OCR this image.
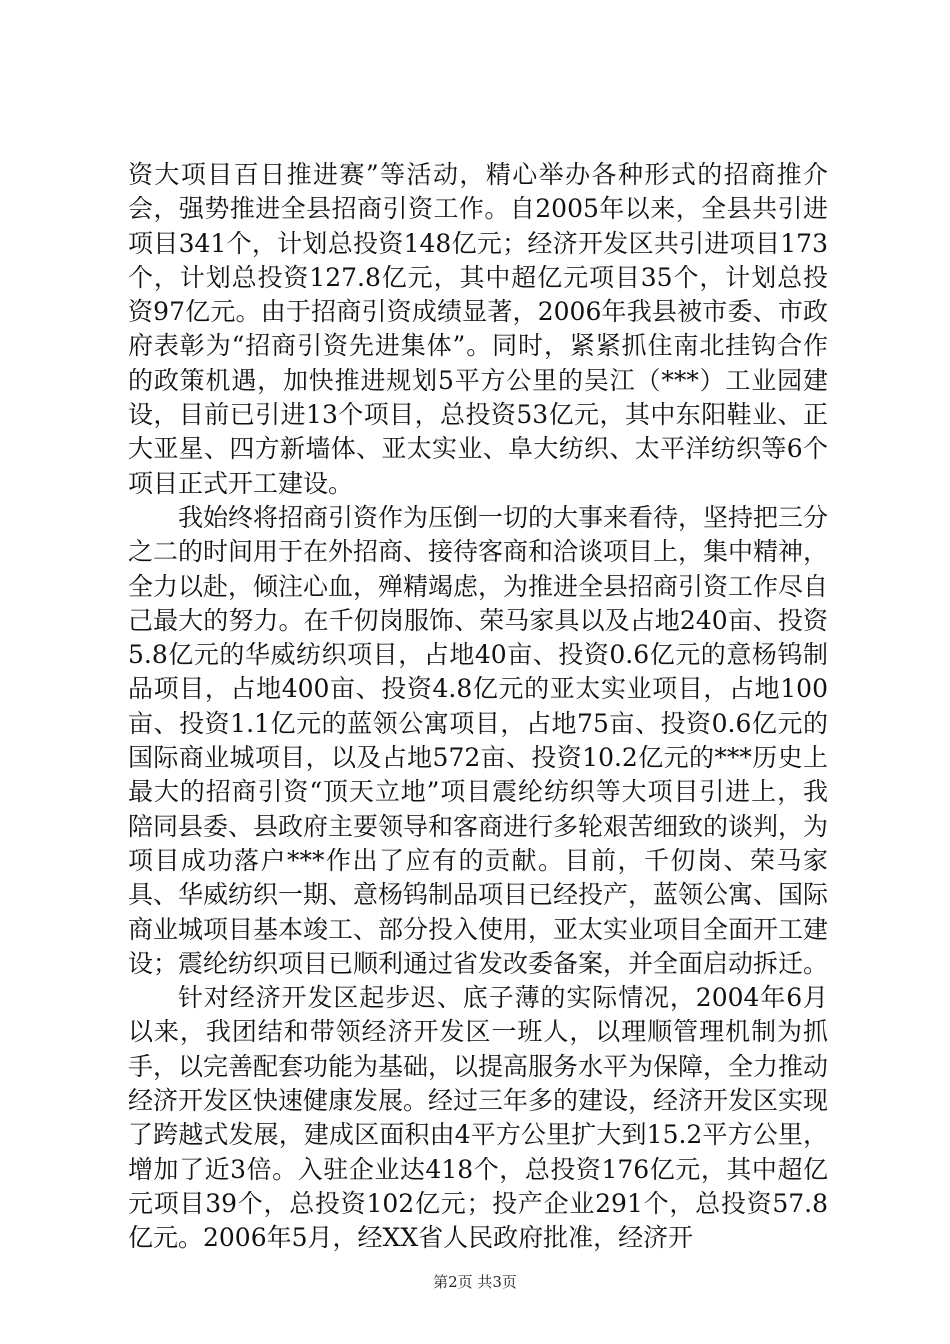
资大项目百日推进赛”等活动，精心举办各种形式的招商推介会，强势推进全县招商引资工作。自2005年以来，全县共引进项目341个，计划总投资148亿元；经济开发区共引进项目173个，计划总投资127.8亿元，其中超亿元项目35个，计划总投资97亿元。由于招商引资成绩显著，2006年我县被市委、市政府表彰为“招商引资先进集体”。同时，紧紧抓住南北挂钩合作的政策机遇，加快推进规划5平方公里的吴江（***）工业园建设，目前已引进13个项目，总投资53亿元，其中东阳鞋业、正大亚星、四方新墙体、亚太实业、阜大纺织、太平洋纺织等6个项目正式开工建设。

我始终将招商引资作为压倒一切的大事来看待，坚持把三分之二的时间用于在外招商、接待客商和洽谈项目上，集中精神，全力以赴，倾注心血，殚精竭虑，为推进全县招商引资工作尽自己最大的努力。在千仞岗服饰、荣马家具以及占地240亩、投资5.8亿元的华威纺织项目，占地40亩、投资0.6亿元的意杨钨制品项目，占地400亩、投资4.8亿元的亚太实业项目，占地100亩、投资1.1亿元的蓝领公寓项目，占地75亩、投资0.6亿元的国际商业城项目，以及占地572亩、投资10.2亿元的***历史上最大的招商引资“顶天立地”项目震纶纺织等大项目引进上，我陪同县委、县政府主要领导和客商进行多轮艰苦细致的谈判，为项目成功落户***作出了应有的贡献。目前，千仞岗、荣马家具、华威纺织一期、意杨钨制品项目已经投产，蓝领公寓、国际商业城项目基本竣工、部分投入使用，亚太实业项目全面开工建设；震纶纺织项目已顺利通过省发改委备案，并全面启动拆迁。

针对经济开发区起步迟、底子薄的实际情况，2004年6月以来，我团结和带领经济开发区一班人，以理顺管理机制为抓手，以完善配套功能为基础，以提高服务水平为保障，全力推动经济开发区快速健康发展。经过三年多的建设，经济开发区实现了跨越式发展，建成区面积由4平方公里扩大到15.2平方公里，增加了近3倍。入驻企业达418个，总投资176亿元，其中超亿元项目39个，总投资102亿元；投产企业291个，总投资57.8亿元。2006年5月，经XX省人民政府批准，经济开

第2页 共3页
